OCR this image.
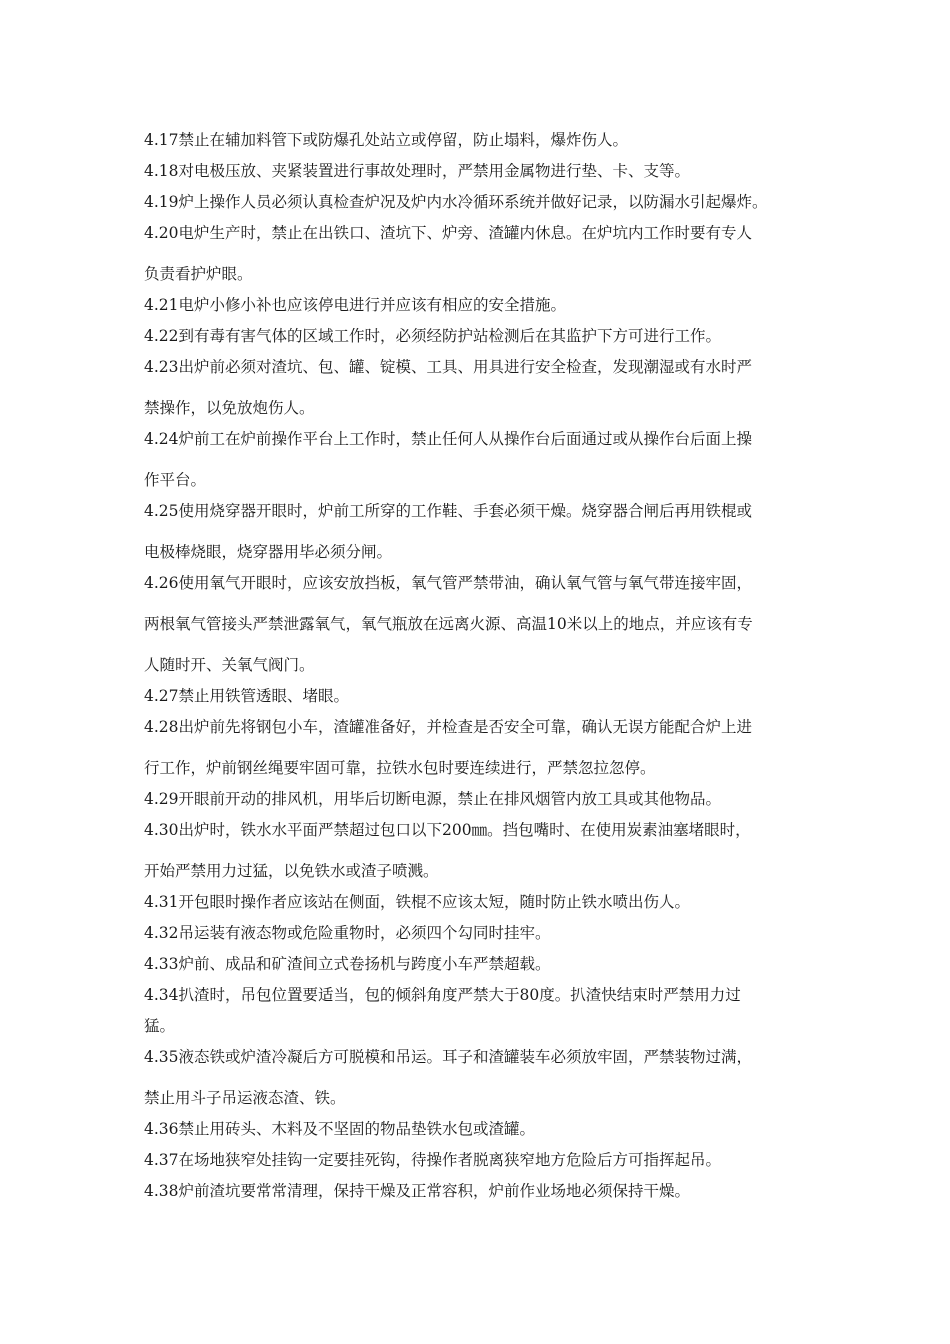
4.17禁止在辅加料管下或防爆孔处站立或停留，防止塌料，爆炸伤人。
4.18对电极压放、夹紧装置进行事故处理时，严禁用金属物进行垫、卡、支等。
4.19炉上操作人员必须认真检查炉况及炉内水冷循环系统并做好记录，以防漏水引起爆炸。
4.20电炉生产时，禁止在出铁口、渣坑下、炉旁、渣罐内休息。在炉坑内工作时要有专人
负责看护炉眼。
4.21电炉小修小补也应该停电进行并应该有相应的安全措施。
4.22到有毒有害气体的区域工作时，必须经防护站检测后在其监护下方可进行工作。
4.23出炉前必须对渣坑、包、罐、锭模、工具、用具进行安全检查，发现潮湿或有水时严
禁操作，以免放炮伤人。
4.24炉前工在炉前操作平台上工作时，禁止任何人从操作台后面通过或从操作台后面上操
作平台。
4.25使用烧穿器开眼时，炉前工所穿的工作鞋、手套必须干燥。烧穿器合闸后再用铁棍或
电极棒烧眼，烧穿器用毕必须分闸。
4.26使用氧气开眼时，应该安放挡板，氧气管严禁带油，确认氧气管与氧气带连接牢固，
两根氧气管接头严禁泄露氧气，氧气瓶放在远离火源、高温10米以上的地点，并应该有专
人随时开、关氧气阀门。
4.27禁止用铁管透眼、堵眼。
4.28出炉前先将钢包小车，渣罐准备好，并检查是否安全可靠，确认无误方能配合炉上进
行工作，炉前钢丝绳要牢固可靠，拉铁水包时要连续进行，严禁忽拉忽停。
4.29开眼前开动的排风机，用毕后切断电源，禁止在排风烟管内放工具或其他物品。
4.30出炉时，铁水水平面严禁超过包口以下200㎜。挡包嘴时、在使用炭素油塞堵眼时，
开始严禁用力过猛，以免铁水或渣子喷溅。
4.31开包眼时操作者应该站在侧面，铁棍不应该太短，随时防止铁水喷出伤人。
4.32吊运装有液态物或危险重物时，必须四个勾同时挂牢。
4.33炉前、成品和矿渣间立式卷扬机与跨度小车严禁超载。
4.34扒渣时，吊包位置要适当，包的倾斜角度严禁大于80度。扒渣快结束时严禁用力过
猛。
4.35液态铁或炉渣冷凝后方可脱模和吊运。耳子和渣罐装车必须放牢固，严禁装物过满，
禁止用斗子吊运液态渣、铁。
4.36禁止用砖头、木料及不坚固的物品垫铁水包或渣罐。
4.37在场地狭窄处挂钩一定要挂死钩，待操作者脱离狭窄地方危险后方可指挥起吊。
4.38炉前渣坑要常常清理，保持干燥及正常容积，炉前作业场地必须保持干燥。
